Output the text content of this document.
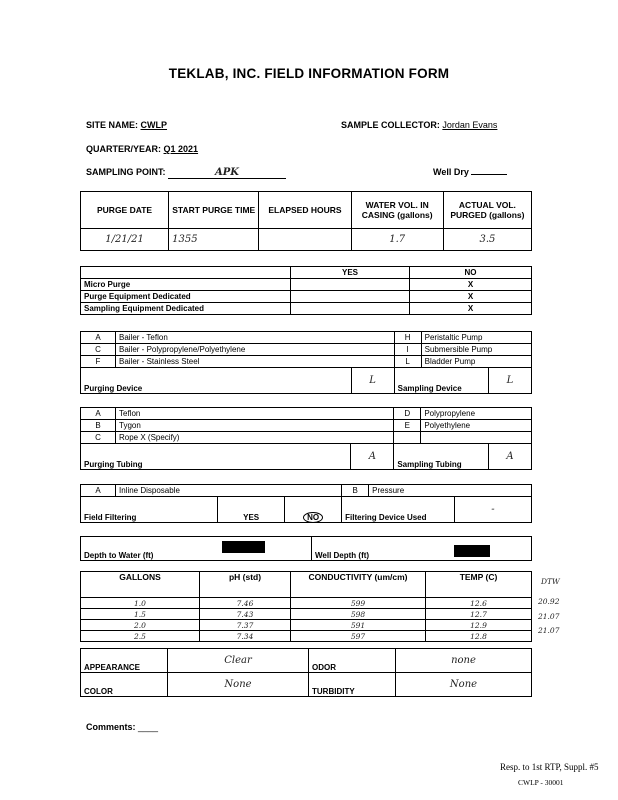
TEKLAB, INC. FIELD INFORMATION FORM
SITE NAME: CWLP	SAMPLE COLLECTOR: Jordan Evans
QUARTER/YEAR: Q1 2021
SAMPLING POINT:	APK	Well Dry
PURGE DATE	START PURGE TIME	ELAPSED HOURS	WATER VOL. IN CASING (gallons)	ACTUAL VOL. PURGED (gallons)
1/21/21	1355		1.7	3.5
	YES	NO
Micro Purge		X
Purge Equipment Dedicated		X
Sampling Equipment Dedicated		X
A	Bailer - Teflon		H	Peristaltic Pump	
C	Bailer - Polypropylene/Polyethylene		I	Submersible Pump	
F	Bailer - Stainless Steel		L	Bladder Pump	
Purging Device		L	Sampling Device		L
A	Teflon		D	Polypropylene	
B	Tygon		E	Polyethylene	
C	Rope X (Specify)				
Purging Tubing		A	Sampling Tubing		A
A	Inline Disposable			B	Pressure	
Field Filtering		YES	NO	Filtering Device Used		-
Depth to Water (ft)		Well Depth (ft)	
GALLONS	pH (std)	CONDUCTIVITY (um/cm)	TEMP (C)
1.0	7.46	599	12.6
1.5	7.43	598	12.7
2.0	7.37	591	12.9
2.5	7.34	597	12.8
DTW
20.92
21.07
21.07
APPEARANCE	Clear	ODOR	none
COLOR	None	TURBIDITY	None
Comments: ____
Resp. to 1st RTP, Suppl. #5
CWLP - 30001
